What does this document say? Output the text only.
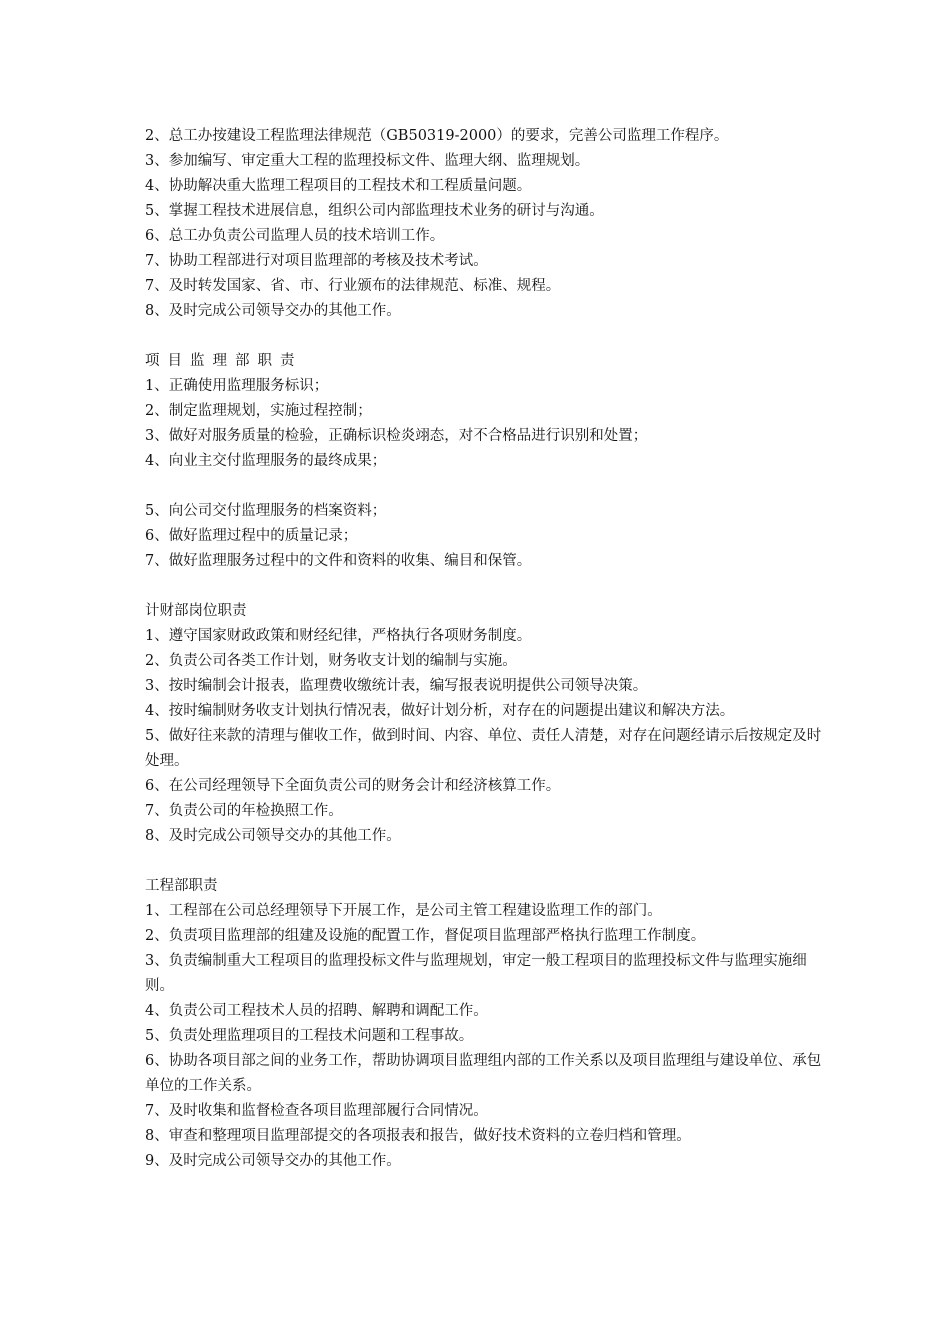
2、总工办按建设工程监理法律规范（GB50319-2000）的要求，完善公司监理工作程序。
3、参加编写、审定重大工程的监理投标文件、监理大纲、监理规划。
4、协助解决重大监理工程项目的工程技术和工程质量问题。
5、掌握工程技术进展信息，组织公司内部监理技术业务的研讨与沟通。
6、总工办负责公司监理人员的技术培训工作。
7、协助工程部进行对项目监理部的考核及技术考试。
7、及时转发国家、省、市、行业颁布的法律规范、标准、规程。
8、及时完成公司领导交办的其他工作。
项目监理部职责
1、正确使用监理服务标识；
2、制定监理规划，实施过程控制；
3、做好对服务质量的检验，正确标识检炎翊态，对不合格品进行识别和处置；
4、向业主交付监理服务的最终成果；
5、向公司交付监理服务的档案资料；
6、做好监理过程中的质量记录；
7、做好监理服务过程中的文件和资料的收集、编目和保管。
计财部岗位职责
1、遵守国家财政政策和财经纪律，严格执行各项财务制度。
2、负责公司各类工作计划，财务收支计划的编制与实施。
3、按时编制会计报表，监理费收缴统计表，编写报表说明提供公司领导决策。
4、按时编制财务收支计划执行情况表，做好计划分析，对存在的问题提出建议和解决方法。
5、做好往来款的清理与催收工作，做到时间、内容、单位、责任人清楚，对存在问题经请示后按规定及时处理。
6、在公司经理领导下全面负责公司的财务会计和经济核算工作。
7、负责公司的年检换照工作。
8、及时完成公司领导交办的其他工作。
工程部职责
1、工程部在公司总经理领导下开展工作，是公司主管工程建设监理工作的部门。
2、负责项目监理部的组建及设施的配置工作，督促项目监理部严格执行监理工作制度。
3、负责编制重大工程项目的监理投标文件与监理规划，审定一般工程项目的监理投标文件与监理实施细则。
4、负责公司工程技术人员的招聘、解聘和调配工作。
5、负责处理监理项目的工程技术问题和工程事故。
6、协助各项目部之间的业务工作，帮助协调项目监理组内部的工作关系以及项目监理组与建设单位、承包单位的工作关系。
7、及时收集和监督检查各项目监理部履行合同情况。
8、审查和整理项目监理部提交的各项报表和报告，做好技术资料的立卷归档和管理。
9、及时完成公司领导交办的其他工作。
